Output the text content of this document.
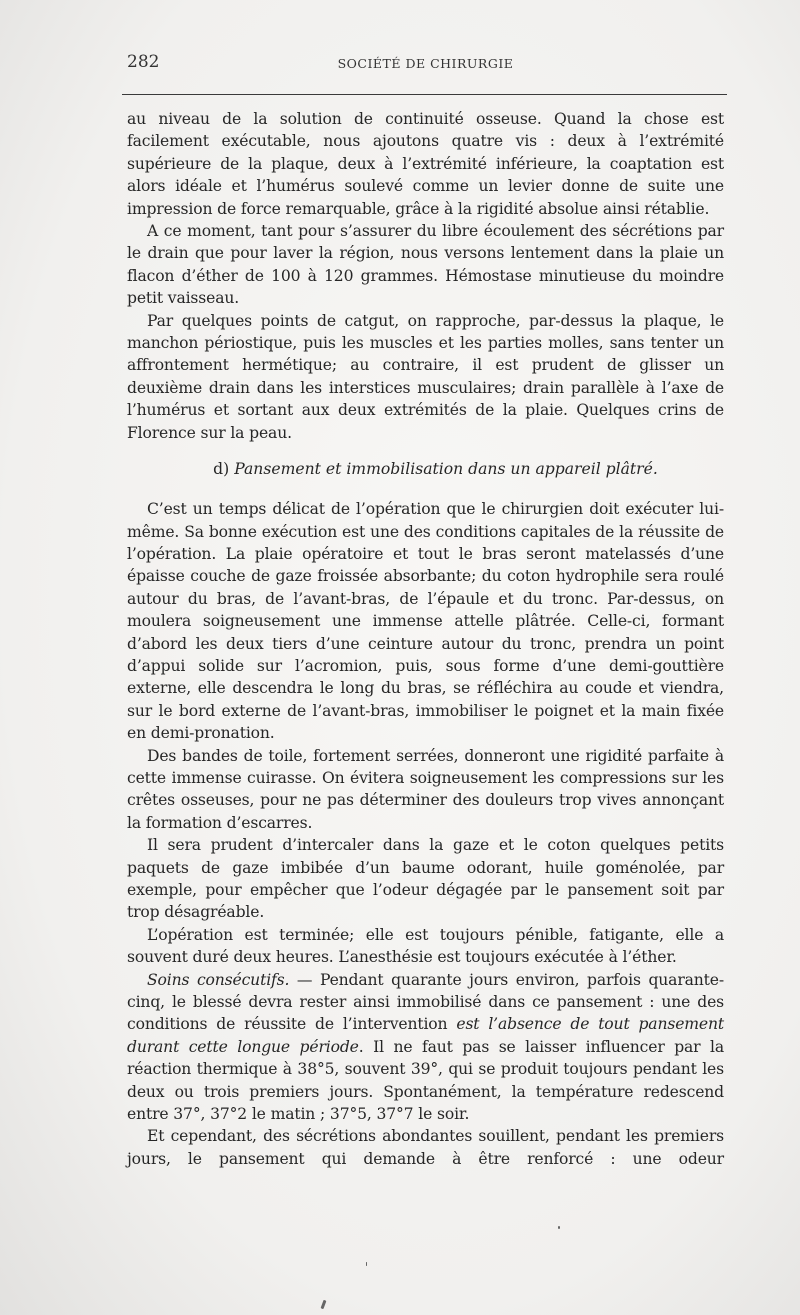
282	SOCIÉTÉ DE CHIRURGIE

au niveau de la solution de continuité osseuse. Quand la chose est facilement exécutable, nous ajoutons quatre vis : deux à l’extrémité supérieure de la plaque, deux à l’extrémité inférieure, la coaptation est alors idéale et l’humérus soulevé comme un levier donne de suite une impression de force remarquable, grâce à la rigidité absolue ainsi rétablie.

A ce moment, tant pour s’assurer du libre écoulement des sécrétions par le drain que pour laver la région, nous versons lentement dans la plaie un flacon d’éther de 100 à 120 grammes. Hémostase minutieuse du moindre petit vaisseau.

Par quelques points de catgut, on rapproche, par-dessus la plaque, le manchon périostique, puis les muscles et les parties molles, sans tenter un affrontement hermétique; au contraire, il est prudent de glisser un deuxième drain dans les interstices musculaires; drain parallèle à l’axe de l’humérus et sortant aux deux extrémités de la plaie. Quelques crins de Florence sur la peau.

d) Pansement et immobilisation dans un appareil plâtré.

C’est un temps délicat de l’opération que le chirurgien doit exécuter lui-même. Sa bonne exécution est une des conditions capitales de la réussite de l’opération. La plaie opératoire et tout le bras seront matelassés d’une épaisse couche de gaze froissée absorbante; du coton hydrophile sera roulé autour du bras, de l’avant-bras, de l’épaule et du tronc. Par-dessus, on moulera soigneusement une immense attelle plâtrée. Celle-ci, formant d’abord les deux tiers d’une ceinture autour du tronc, prendra un point d’appui solide sur l’acromion, puis, sous forme d’une demi-gouttière externe, elle descendra le long du bras, se réfléchira au coude et viendra, sur le bord externe de l’avant-bras, immobiliser le poignet et la main fixée en demi-pronation.

Des bandes de toile, fortement serrées, donneront une rigidité parfaite à cette immense cuirasse. On évitera soigneusement les compressions sur les crêtes osseuses, pour ne pas déterminer des douleurs trop vives annonçant la formation d’escarres.

Il sera prudent d’intercaler dans la gaze et le coton quelques petits paquets de gaze imbibée d’un baume odorant, huile goménolée, par exemple, pour empêcher que l’odeur dégagée par le pansement soit par trop désagréable.

L’opération est terminée; elle est toujours pénible, fatigante, elle a souvent duré deux heures. L’anesthésie est toujours exécutée à l’éther.

Soins consécutifs. — Pendant quarante jours environ, parfois quarante-cinq, le blessé devra rester ainsi immobilisé dans ce pansement : une des conditions de réussite de l’intervention est l’absence de tout pansement durant cette longue période. Il ne faut pas se laisser influencer par la réaction thermique à 38°5, souvent 39°, qui se produit toujours pendant les deux ou trois premiers jours. Spontanément, la température redescend entre 37°, 37°2 le matin ; 37°5, 37°7 le soir.

Et cependant, des sécrétions abondantes souillent, pendant les premiers jours, le pansement qui demande à être renforcé : une odeur
